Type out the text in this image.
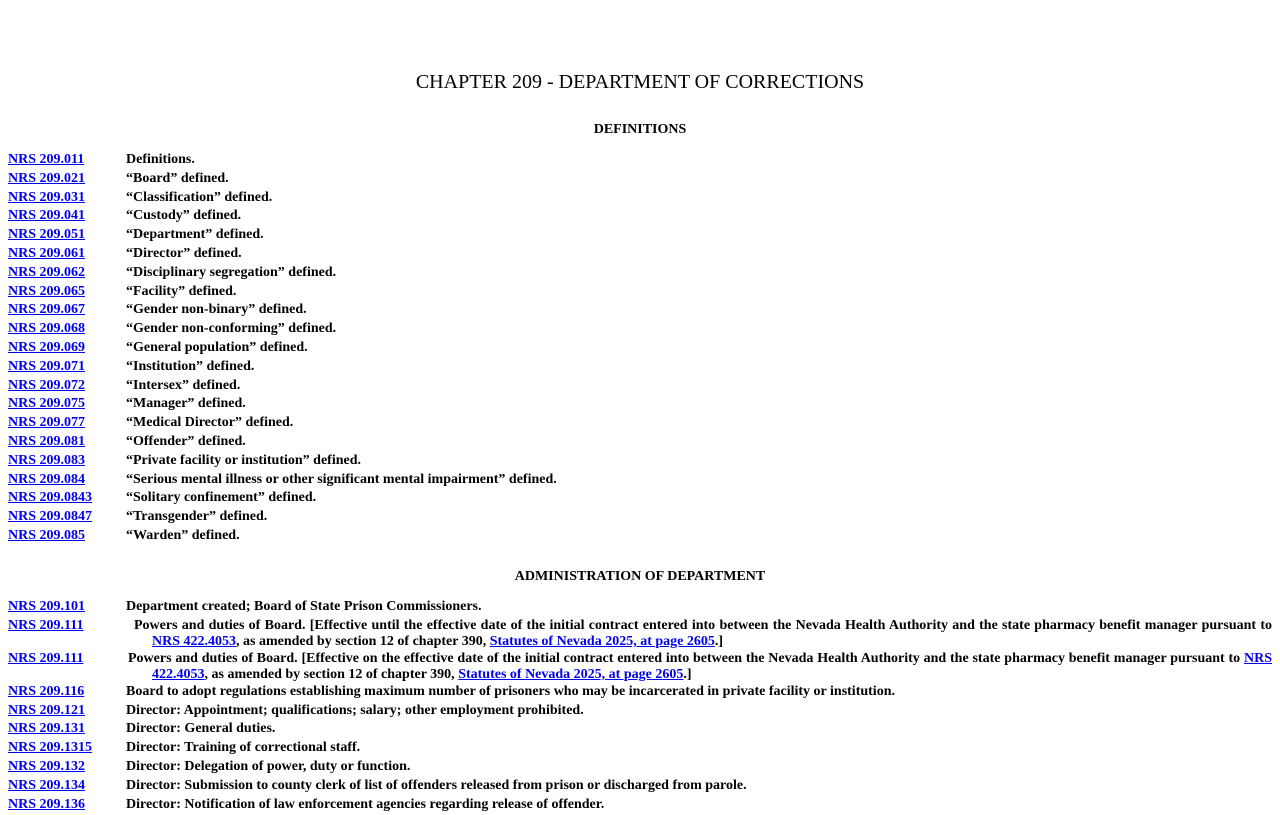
CHAPTER 209 - DEPARTMENT OF CORRECTIONS
DEFINITIONS
NRS 209.011	Definitions.
NRS 209.021	“Board” defined.
NRS 209.031	“Classification” defined.
NRS 209.041	“Custody” defined.
NRS 209.051	“Department” defined.
NRS 209.061	“Director” defined.
NRS 209.062	“Disciplinary segregation” defined.
NRS 209.065	“Facility” defined.
NRS 209.067	“Gender non-binary” defined.
NRS 209.068	“Gender non-conforming” defined.
NRS 209.069	“General population” defined.
NRS 209.071	“Institution” defined.
NRS 209.072	“Intersex” defined.
NRS 209.075	“Manager” defined.
NRS 209.077	“Medical Director” defined.
NRS 209.081	“Offender” defined.
NRS 209.083	“Private facility or institution” defined.
NRS 209.084	“Serious mental illness or other significant mental impairment” defined.
NRS 209.0843 “Solitary confinement” defined.
NRS 209.0847 “Transgender” defined.
NRS 209.085	“Warden” defined.
ADMINISTRATION OF DEPARTMENT
NRS 209.101	Department created; Board of State Prison Commissioners.
NRS 209.111	Powers and duties of Board. [Effective until the effective date of the initial contract entered into between the Nevada Health Authority and the state pharmacy benefit manager pursuant to NRS 422.4053, as amended by section 12 of chapter 390, Statutes of Nevada 2025, at page 2605.]
NRS 209.111	Powers and duties of Board. [Effective on the effective date of the initial contract entered into between the Nevada Health Authority and the state pharmacy benefit manager pursuant to NRS 422.4053, as amended by section 12 of chapter 390, Statutes of Nevada 2025, at page 2605.]
NRS 209.116	Board to adopt regulations establishing maximum number of prisoners who may be incarcerated in private facility or institution.
NRS 209.121	Director: Appointment; qualifications; salary; other employment prohibited.
NRS 209.131	Director: General duties.
NRS 209.1315 Director: Training of correctional staff.
NRS 209.132	Director: Delegation of power, duty or function.
NRS 209.134	Director: Submission to county clerk of list of offenders released from prison or discharged from parole.
NRS 209.136	Director: Notification of law enforcement agencies regarding release of offender.
